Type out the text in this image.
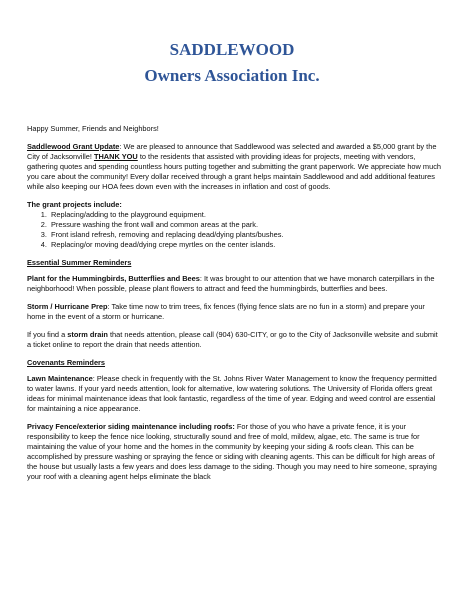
SADDLEWOOD
Owners Association Inc.

Happy Summer, Friends and Neighbors!

Saddlewood Grant Update: We are pleased to announce that Saddlewood was selected and awarded a $5,000 grant by the City of Jacksonville! THANK YOU to the residents that assisted with providing ideas for projects, meeting with vendors, gathering quotes and spending countless hours putting together and submitting the grant paperwork. We appreciate how much you care about the community! Every dollar received through a grant helps maintain Saddlewood and add additional features while also keeping our HOA fees down even with the increases in inflation and cost of goods.

The grant projects include:

1. Replacing/adding to the playground equipment.
2. Pressure washing the front wall and common areas at the park.
3. Front island refresh, removing and replacing dead/dying plants/bushes.
4. Replacing/or moving dead/dying crepe myrtles on the center islands.

Essential Summer Reminders

Plant for the Hummingbirds, Butterflies and Bees: It was brought to our attention that we have monarch caterpillars in the neighborhood! When possible, please plant flowers to attract and feed the hummingbirds, butterflies and bees.

Storm / Hurricane Prep: Take time now to trim trees, fix fences (flying fence slats are no fun in a storm) and prepare your home in the event of a storm or hurricane.

If you find a storm drain that needs attention, please call (904) 630-CITY, or go to the City of Jacksonville website and submit a ticket online to report the drain that needs attention.

Covenants Reminders

Lawn Maintenance: Please check in frequently with the St. Johns River Water Management to know the frequency permitted to water lawns. If your yard needs attention, look for alternative, low watering solutions. The University of Florida offers great ideas for minimal maintenance ideas that look fantastic, regardless of the time of year. Edging and weed control are essential for maintaining a nice appearance.

Privacy Fence/exterior siding maintenance including roofs: For those of you who have a private fence, it is your responsibility to keep the fence nice looking, structurally sound and free of mold, mildew, algae, etc. The same is true for maintaining the value of your home and the homes in the community by keeping your siding & roofs clean. This can be accomplished by pressure washing or spraying the fence or siding with cleaning agents. This can be difficult for high areas of the house but usually lasts a few years and does less damage to the siding. Though you may need to hire someone, spraying your roof with a cleaning agent helps eliminate the black
